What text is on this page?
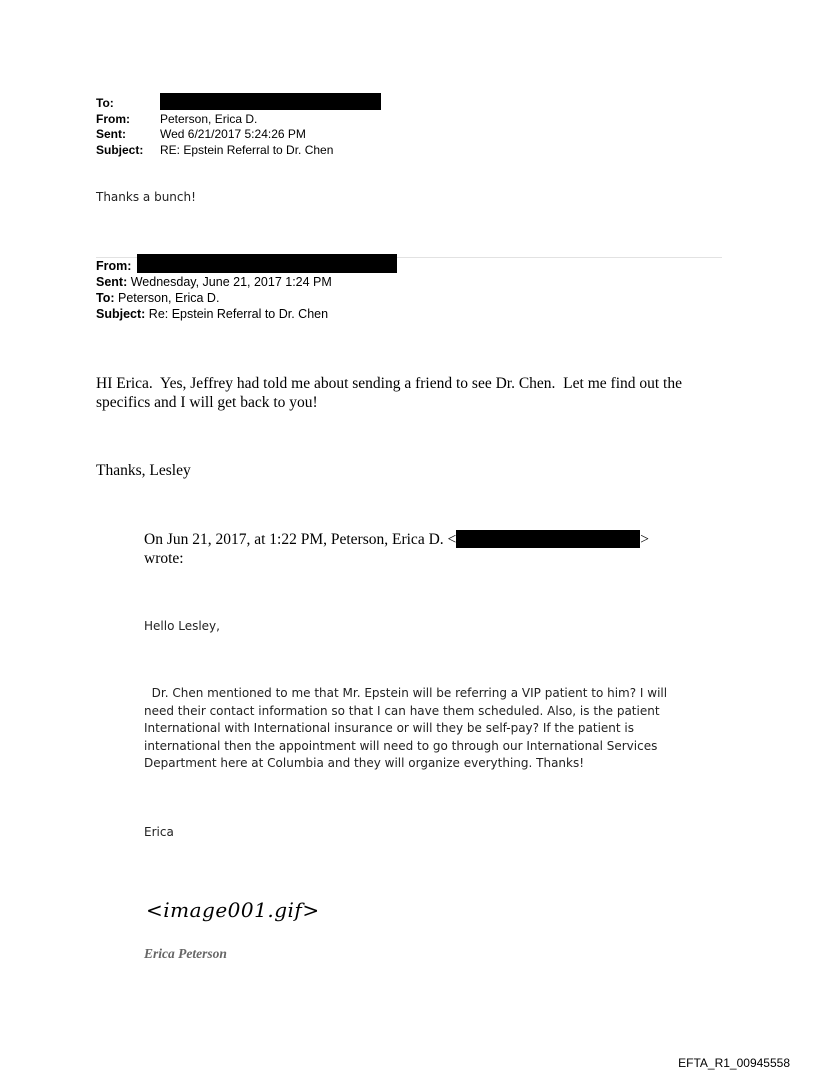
To:
From:	Peterson, Erica D.
Sent:	Wed 6/21/2017 5:24:26 PM
Subject: RE: Epstein Referral to Dr. Chen
Thanks a bunch!
From:
Sent: Wednesday, June 21, 2017 1:24 PM
To: Peterson, Erica D.
Subject: Re: Epstein Referral to Dr. Chen
HI Erica.  Yes, Jeffrey had told me about sending a friend to see Dr. Chen.  Let me find out the
specifics and I will get back to you!
Thanks, Lesley
On Jun 21, 2017, at 1:22 PM, Peterson, Erica D. <	>
wrote:
Hello Lesley,
Dr. Chen mentioned to me that Mr. Epstein will be referring a VIP patient to him? I will
need their contact information so that I can have them scheduled. Also, is the patient
International with International insurance or will they be self-pay? If the patient is
international then the appointment will need to go through our International Services
Department here at Columbia and they will organize everything. Thanks!
Erica
<image001.gif>
Erica Peterson
EFTA_R1_00945558
